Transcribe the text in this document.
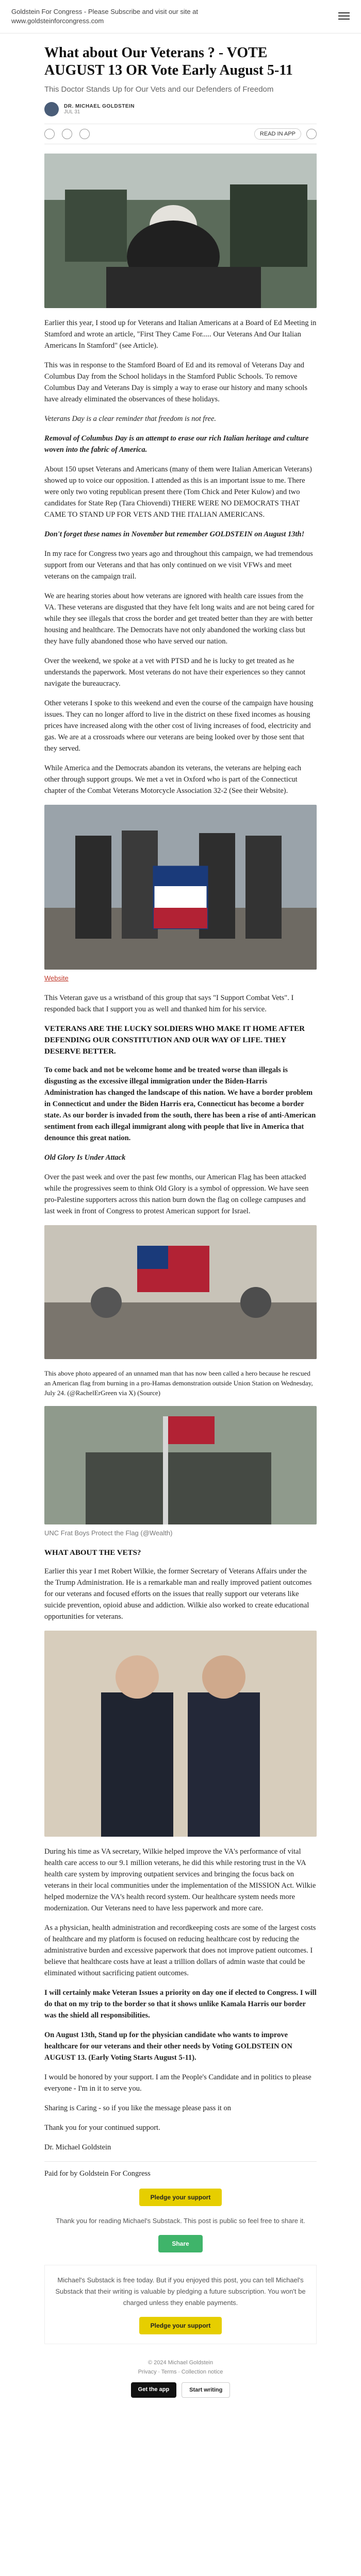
Goldstein For Congress - Please Subscribe and visit our site at
www.goldsteinforcongress.com
What about Our Veterans ? - VOTE AUGUST 13 OR Vote Early August 5-11
This Doctor Stands Up for Our Vets and our Defenders of Freedom
DR. MICHAEL GOLDSTEIN
JUL 31
READ IN APP

Earlier this year, I stood up for Veterans and Italian Americans at a Board of Ed Meeting in Stamford and wrote an article, "First They Came For..... Our Veterans And Our Italian Americans In Stamford" (see Article).

This was in response to the Stamford Board of Ed and its removal of Veterans Day and Columbus Day from the School holidays in the Stamford Public Schools. To remove Columbus Day and Veterans Day is simply a way to erase our history and many schools have already eliminated the observances of these holidays.

Veterans Day is a clear reminder that freedom is not free.

Removal of Columbus Day is an attempt to erase our rich Italian heritage and culture woven into the fabric of America.

About 150 upset Veterans and Americans (many of them were Italian American Veterans) showed up to voice our opposition. I attended as this is an important issue to me. There were only two voting republican present there (Tom Chick and Peter Kulow) and two candidates for State Rep (Tara Chiovendi) THERE WERE NO DEMOCRATS THAT CAME TO STAND UP FOR VETS AND THE ITALIAN AMERICANS.

Don't forget these names in November but remember GOLDSTEIN on August 13th!

In my race for Congress two years ago and throughout this campaign, we had tremendous support from our Veterans and that has only continued on we visit VFWs and meet veterans on the campaign trail.

We are hearing stories about how veterans are ignored with health care issues from the VA. These veterans are disgusted that they have felt long waits and are not being cared for while they see illegals that cross the border and get treated better than they are with better housing and healthcare. The Democrats have not only abandoned the working class but they have fully abandoned those who have served our nation.

Over the weekend, we spoke at a vet with PTSD and he is lucky to get treated as he understands the paperwork. Most veterans do not have their experiences so they cannot navigate the bureaucracy.

Other veterans I spoke to this weekend and even the course of the campaign have housing issues. They can no longer afford to live in the district on these fixed incomes as housing prices have increased along with the other cost of living increases of food, electricity and gas. We are at a crossroads where our veterans are being looked over by those sent that they served.

While America and the Democrats abandon its veterans, the veterans are helping each other through support groups. We met a vet in Oxford who is part of the Connecticut chapter of the Combat Veterans Motorcycle Association 32-2 (See their Website).

Website

This Veteran gave us a wristband of this group that says "I Support Combat Vets". I responded back that I support you as well and thanked him for his service.

VETERANS ARE THE LUCKY SOLDIERS WHO MAKE IT HOME AFTER DEFENDING OUR CONSTITUTION AND OUR WAY OF LIFE. THEY DESERVE BETTER.

To come back and not be welcome home and be treated worse than illegals is disgusting as the excessive illegal immigration under the Biden-Harris Administration has changed the landscape of this nation. We have a border problem in Connecticut and under the Biden Harris era, Connecticut has become a border state. As our border is invaded from the south, there has been a rise of anti-American sentiment from each illegal immigrant along with people that live in America that denounce this great nation.

Old Glory Is Under Attack

Over the past week and over the past few months, our American Flag has been attacked while the progressives seem to think Old Glory is a symbol of oppression. We have seen pro-Palestine supporters across this nation burn down the flag on college campuses and last week in front of Congress to protest American support for Israel.

This above photo appeared of an unnamed man that has now been called a hero because he rescued an American flag from burning in a pro-Hamas demonstration outside Union Station on Wednesday, July 24. (@RachelErGreen via X) (Source)

UNC Frat Boys Protect the Flag (@Wealth)
WHAT ABOUT THE VETS?

Earlier this year I met Robert Wilkie, the former Secretary of Veterans Affairs under the the Trump Administration. He is a remarkable man and really improved patient outcomes for our veterans and focused efforts on the issues that really support our veterans like suicide prevention, opioid abuse and addiction. Wilkie also worked to create educational opportunities for veterans.

During his time as VA secretary, Wilkie helped improve the VA's performance of vital health care access to our 9.1 million veterans, he did this while restoring trust in the VA health care system by improving outpatient services and bringing the focus back on veterans in their local communities under the implementation of the MISSION Act. Wilkie helped modernize the VA's health record system. Our healthcare system needs more modernization. Our Veterans need to have less paperwork and more care.

As a physician, health administration and recordkeeping costs are some of the largest costs of healthcare and my platform is focused on reducing healthcare cost by reducing the administrative burden and excessive paperwork that does not improve patient outcomes. I believe that healthcare costs have at least a trillion dollars of admin waste that could be eliminated without sacrificing patient outcomes.

I will certainly make Veteran Issues a priority on day one if elected to Congress. I will do that on my trip to the border so that it shows unlike Kamala Harris our border was the shield all responsibilities.

On August 13th, Stand up for the physician candidate who wants to improve healthcare for our veterans and their other needs by Voting GOLDSTEIN ON AUGUST 13. (Early Voting Starts August 5-11).

I would be honored by your support. I am the People's Candidate and in politics to please everyone - I'm in it to serve you.

Sharing is Caring - so if you like the message please pass it on

Thank you for your continued support.

Dr. Michael Goldstein

Paid for by Goldstein For Congress

Pledge your support

Thank you for reading Michael's Substack. This post is public so feel free to share it.

Share

Michael's Substack is free today. But if you enjoyed this post, you can tell Michael's Substack that their writing is valuable by pledging a future subscription. You won't be charged unless they enable payments.

Pledge your support
© 2024 Michael Goldstein
Privacy ∙ Terms ∙ Collection notice
Get the app	Start writing
